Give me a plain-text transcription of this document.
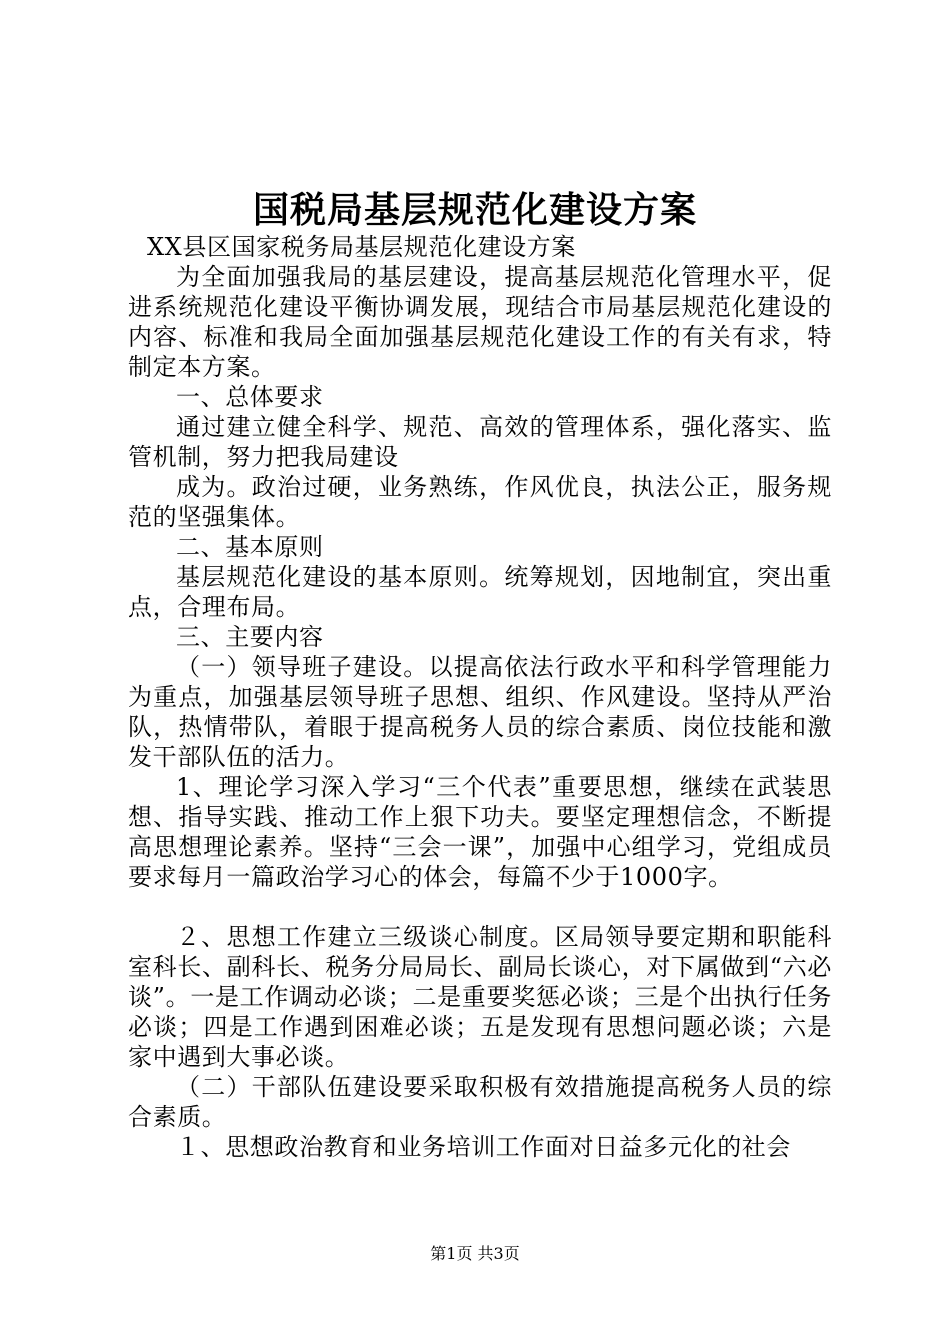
国税局基层规范化建设方案

XX县区国家税务局基层规范化建设方案

为全面加强我局的基层建设，提高基层规范化管理水平，促进系统规范化建设平衡协调发展，现结合市局基层规范化建设的内容、标准和我局全面加强基层规范化建设工作的有关有求，特制定本方案。

一、总体要求

通过建立健全科学、规范、高效的管理体系，强化落实、监管机制，努力把我局建设

成为。政治过硬，业务熟练，作风优良，执法公正，服务规范的坚强集体。

二、基本原则

基层规范化建设的基本原则。统筹规划，因地制宜，突出重点，合理布局。

三、主要内容

（一）领导班子建设。以提高依法行政水平和科学管理能力为重点，加强基层领导班子思想、组织、作风建设。坚持从严治队，热情带队，着眼于提高税务人员的综合素质、岗位技能和激发干部队伍的活力。

1、理论学习深入学习“三个代表”重要思想，继续在武装思想、指导实践、推动工作上狠下功夫。要坚定理想信念，不断提高思想理论素养。坚持“三会一课”，加强中心组学习，党组成员要求每月一篇政治学习心的体会，每篇不少于1000字。

２、思想工作建立三级谈心制度。区局领导要定期和职能科室科长、副科长、税务分局局长、副局长谈心，对下属做到“六必谈”。一是工作调动必谈；二是重要奖惩必谈；三是个出执行任务必谈；四是工作遇到困难必谈；五是发现有思想问题必谈；六是家中遇到大事必谈。

（二）干部队伍建设要采取积极有效措施提高税务人员的综合素质。

１、思想政治教育和业务培训工作面对日益多元化的社会

第1页 共3页
